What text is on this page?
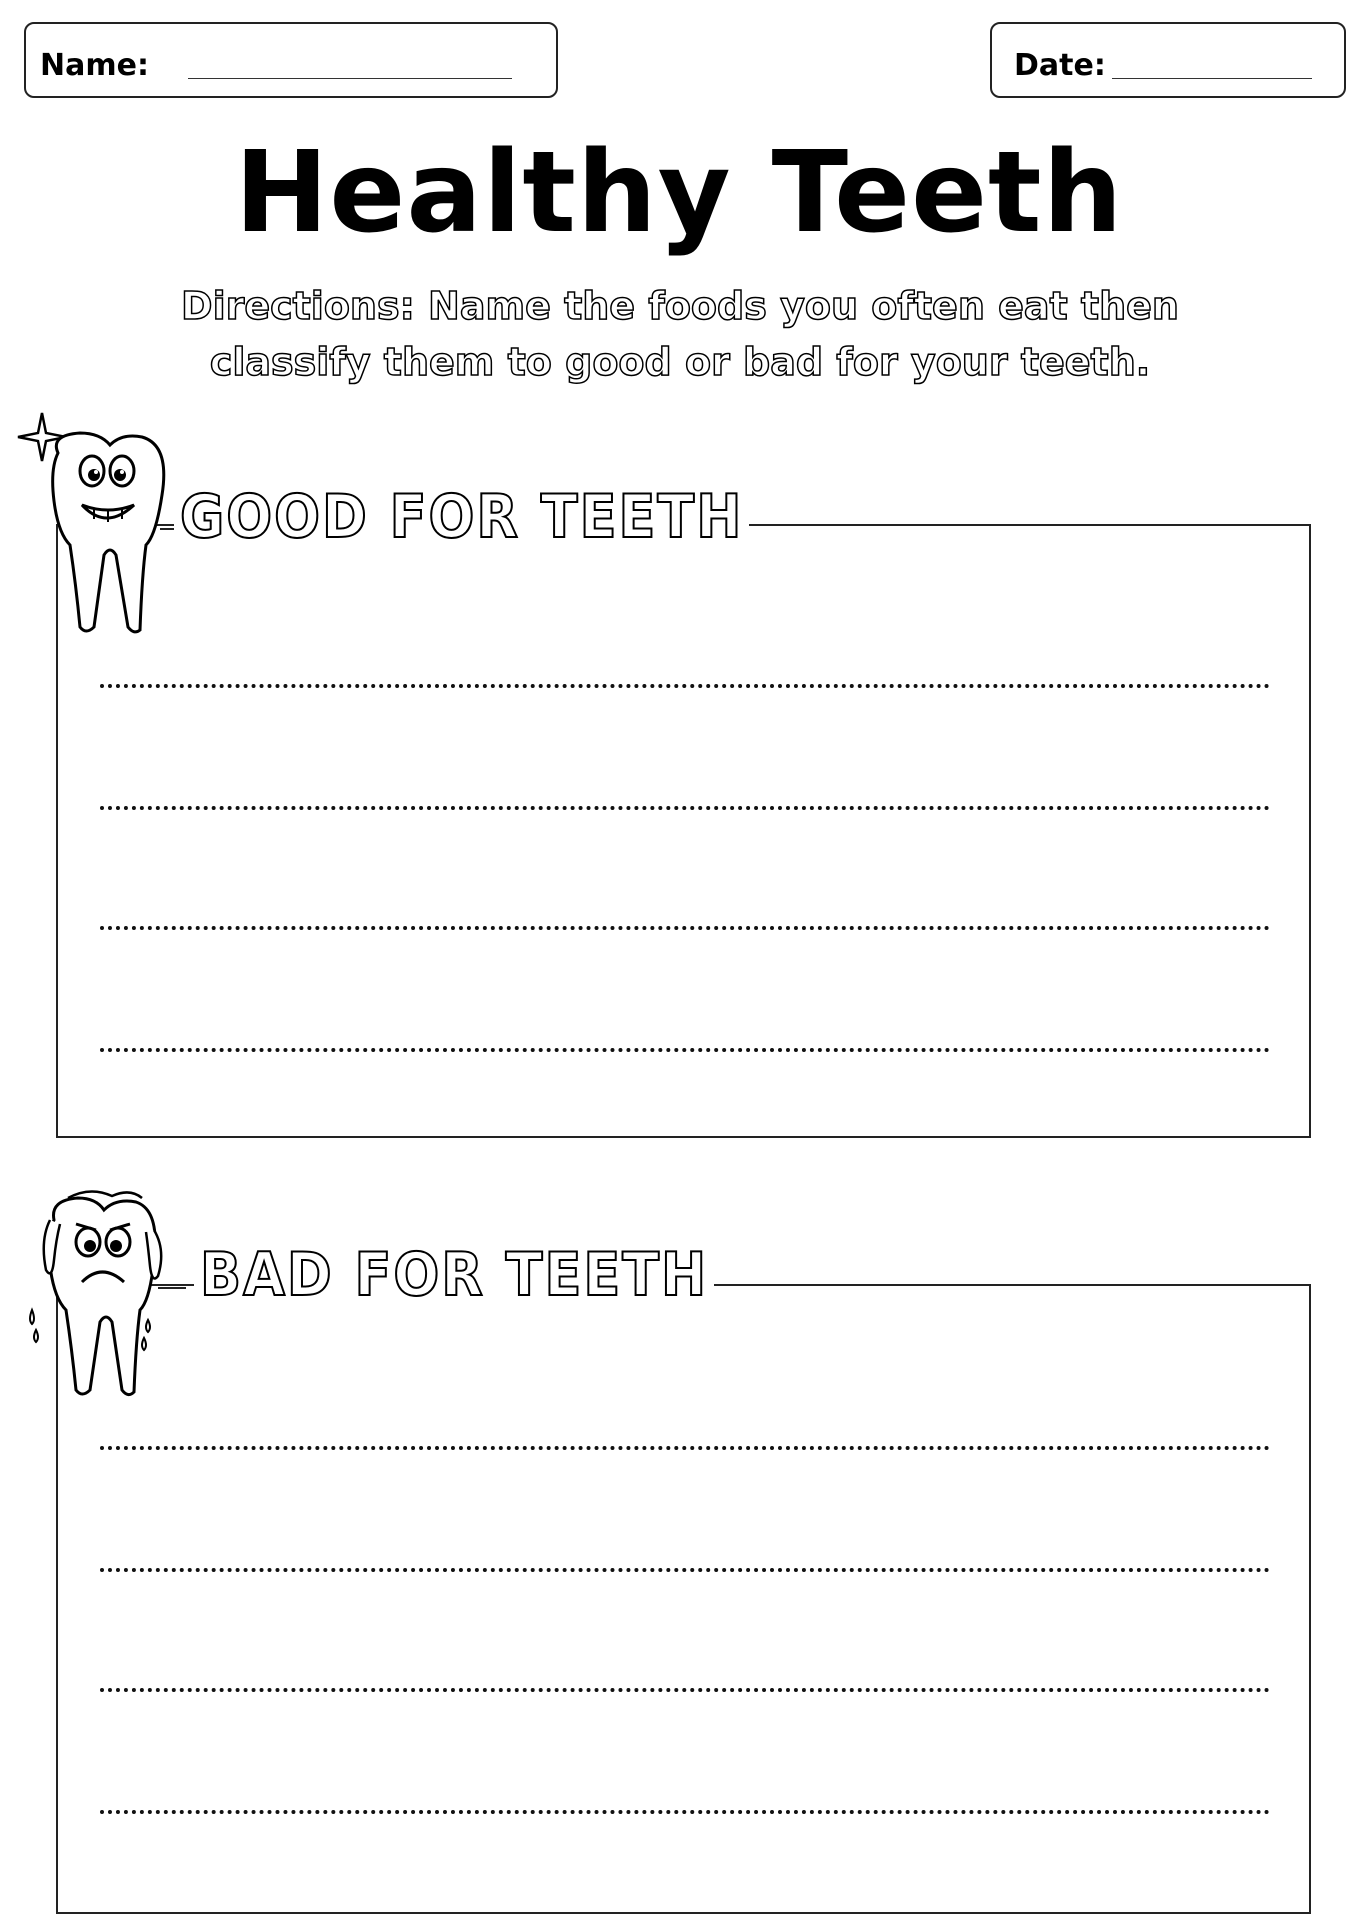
Name:	Date:
Healthy Teeth
Directions: Name the foods you often eat then classify them to good or bad for your teeth.
GOOD FOR TEETH
BAD FOR TEETH
